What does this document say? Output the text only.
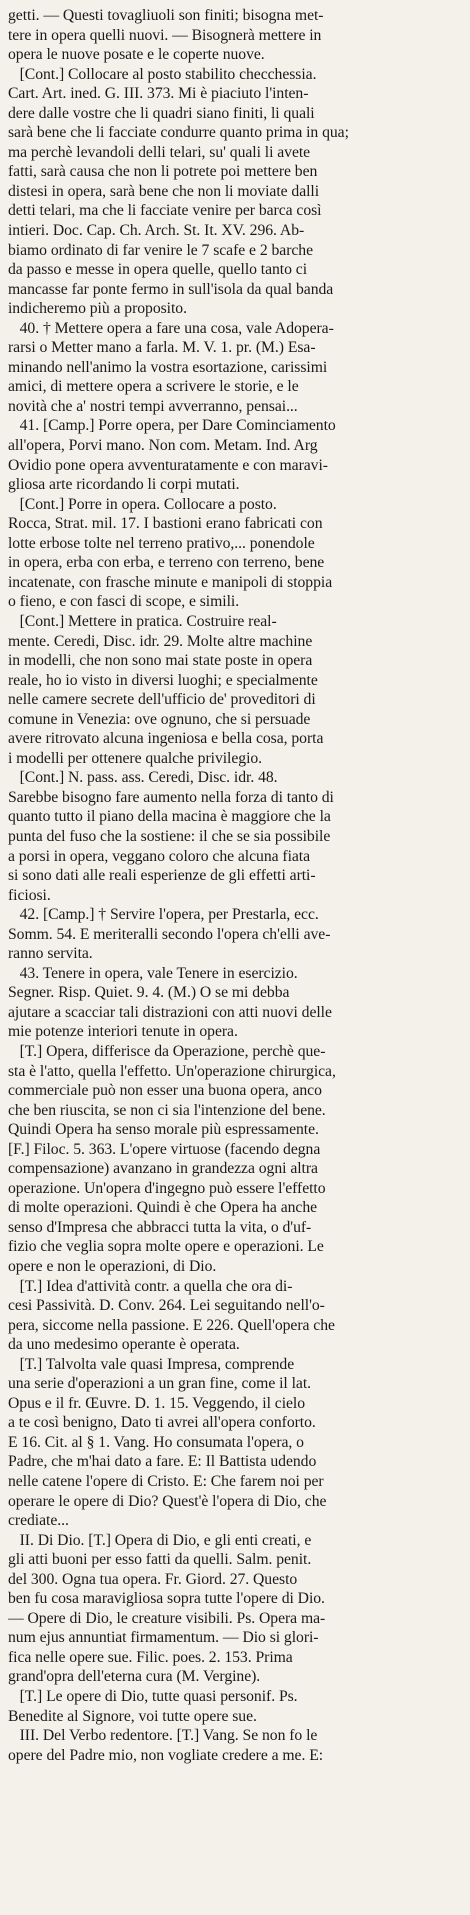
getti. — Questi tovagliuoli son finiti; bisogna met-
tere in opera quelli nuovi. — Bisognerà mettere in
opera le nuove posate e le coperte nuove.
[Cont.] Collocare al posto stabilito checchessia.
Cart. Art. ined. G. III. 373. Mi è piaciuto l'inten-
dere dalle vostre che li quadri siano finiti, li quali
sarà bene che li facciate condurre quanto prima in qua;
ma perchè levandoli delli telari, su' quali li avete
fatti, sarà causa che non li potrete poi mettere ben
distesi in opera, sarà bene che non li moviate dalli
detti telari, ma che li facciate venire per barca così
intieri. Doc. Cap. Ch. Arch. St. It. XV. 296. Ab-
biamo ordinato di far venire le 7 scafe e 2 barche
da passo e messe in opera quelle, quello tanto ci
mancasse far ponte fermo in sull'isola da qual banda
indicheremo più a proposito.
40. † Mettere opera a fare una cosa, vale Adopera-
rarsi o Metter mano a farla. M. V. 1. pr. (M.) Esa-
minando nell'animo la vostra esortazione, carissimi
amici, di mettere opera a scrivere le storie, e le
novità che a' nostri tempi avverranno, pensai...
41. [Camp.] Porre opera, per Dare Cominciamento
all'opera, Porvi mano. Non com. Metam. Ind. Arg
Ovidio pone opera avventuratamente e con maravi-
gliosa arte ricordando li corpi mutati.
[Cont.] Porre in opera. Collocare a posto.
Rocca, Strat. mil. 17. I bastioni erano fabricati con
lotte erbose tolte nel terreno prativo,... ponendole
in opera, erba con erba, e terreno con terreno, bene
incatenate, con frasche minute e manipoli di stoppia
o fieno, e con fasci di scope, e simili.
[Cont.] Mettere in pratica. Costruire real-
mente. Ceredi, Disc. idr. 29. Molte altre machine
in modelli, che non sono mai state poste in opera
reale, ho io visto in diversi luoghi; e specialmente
nelle camere secrete dell'ufficio de' proveditori di
comune in Venezia: ove ognuno, che si persuade
avere ritrovato alcuna ingeniosa e bella cosa, porta
i modelli per ottenere qualche privilegio.
[Cont.] N. pass. ass. Ceredi, Disc. idr. 48.
Sarebbe bisogno fare aumento nella forza di tanto di
quanto tutto il piano della macina è maggiore che la
punta del fuso che la sostiene: il che se sia possibile
a porsi in opera, veggano coloro che alcuna fiata
si sono dati alle reali esperienze de gli effetti arti-
ficiosi.
42. [Camp.] † Servire l'opera, per Prestarla, ecc.
Somm. 54. E meriteralli secondo l'opera ch'elli ave-
ranno servita.
43. Tenere in opera, vale Tenere in esercizio.
Segner. Risp. Quiet. 9. 4. (M.) O se mi debba
ajutare a scacciar tali distrazioni con atti nuovi delle
mie potenze interiori tenute in opera.
[T.] Opera, differisce da Operazione, perchè que-
sta è l'atto, quella l'effetto. Un'operazione chirurgica,
commerciale può non esser una buona opera, anco
che ben riuscita, se non ci sia l'intenzione del bene.
Quindi Opera ha senso morale più espressamente.
[F.] Filoc. 5. 363. L'opere virtuose (facendo degna
compensazione) avanzano in grandezza ogni altra
operazione. Un'opera d'ingegno può essere l'effetto
di molte operazioni. Quindi è che Opera ha anche
senso d'Impresa che abbracci tutta la vita, o d'uf-
fizio che veglia sopra molte opere e operazioni. Le
opere e non le operazioni, di Dio.
[T.] Idea d'attività contr. a quella che ora di-
cesi Passività. D. Conv. 264. Lei seguitando nell'o-
pera, siccome nella passione. E 226. Quell'opera che
da uno medesimo operante è operata.
[T.] Talvolta vale quasi Impresa, comprende
una serie d'operazioni a un gran fine, come il lat.
Opus e il fr. Œuvre. D. 1. 15. Veggendo, il cielo
a te così benigno, Dato ti avrei all'opera conforto.
E 16. Cit. al § 1. Vang. Ho consumata l'opera, o
Padre, che m'hai dato a fare. E: Il Battista udendo
nelle catene l'opere di Cristo. E: Che farem noi per
operare le opere di Dio? Quest'è l'opera di Dio, che
crediate...
II. Di Dio. [T.] Opera di Dio, e gli enti creati, e
gli atti buoni per esso fatti da quelli. Salm. penit.
del 300. Ogna tua opera. Fr. Giord. 27. Questo
ben fu cosa maravigliosa sopra tutte l'opere di Dio.
— Opere di Dio, le creature visibili. Ps. Opera ma-
num ejus annuntiat firmamentum. — Dio si glori-
fica nelle opere sue. Filic. poes. 2. 153. Prima
grand'opra dell'eterna cura (M. Vergine).
[T.] Le opere di Dio, tutte quasi personif. Ps.
Benedite al Signore, voi tutte opere sue.
III. Del Verbo redentore. [T.] Vang. Se non fo le
opere del Padre mio, non vogliate credere a me. E:
